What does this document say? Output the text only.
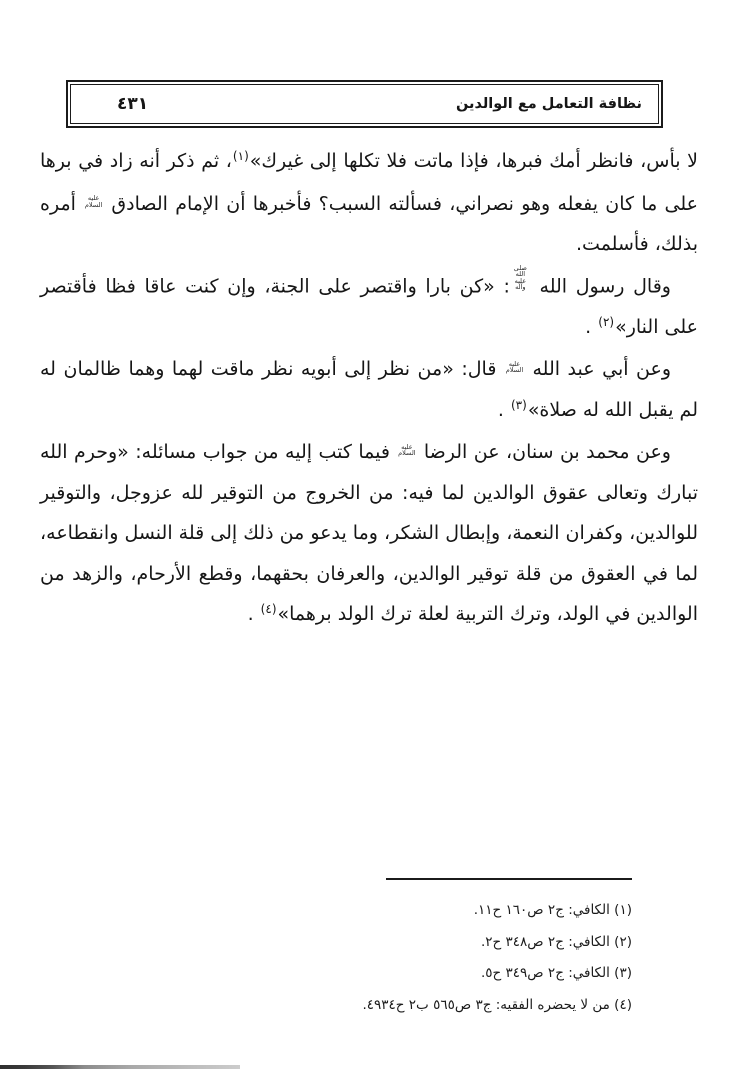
نظافة التعامل مع الوالدين
٤٣١

لا بأس، فانظر أمك فبرها، فإذا ماتت فلا تكلها إلى غيرك»$^{(١)}$، ثم ذكر أنه زاد في برها على ما كان يفعله وهو نصراني، فسألته السبب؟ فأخبرها أن الإمام الصادق عليه السلام أمره بذلك، فأسلمت.

وقال رسول الله صلى الله عليه وآله: «كن بارا واقتصر على الجنة، وإن كنت عاقا فظا فأقتصر على النار»$^{(٢)}$ .

وعن أبي عبد الله عليه السلام قال: «من نظر إلى أبويه نظر ماقت لهما وهما ظالمان له لم يقبل الله له صلاة»$^{(٣)}$ .

وعن محمد بن سنان، عن الرضا عليه السلام فيما كتب إليه من جواب مسائله: «وحرم الله تبارك وتعالى عقوق الوالدين لما فيه: من الخروج من التوقير لله عزوجل، والتوقير للوالدين، وكفران النعمة، وإبطال الشكر، وما يدعو من ذلك إلى قلة النسل وانقطاعه، لما في العقوق من قلة توقير الوالدين، والعرفان بحقهما، وقطع الأرحام، والزهد من الوالدين في الولد، وترك التربية لعلة ترك الولد برهما»$^{(٤)}$ .

(١) الكافي: ج٢ ص١٦٠ ح١١.
(٢) الكافي: ج٢ ص٣٤٨ ح٢.
(٣) الكافي: ج٢ ص٣٤٩ ح٥.
(٤) من لا يحضره الفقيه: ج٣ ص٥٦٥ ب٢ ح٤٩٣٤.
